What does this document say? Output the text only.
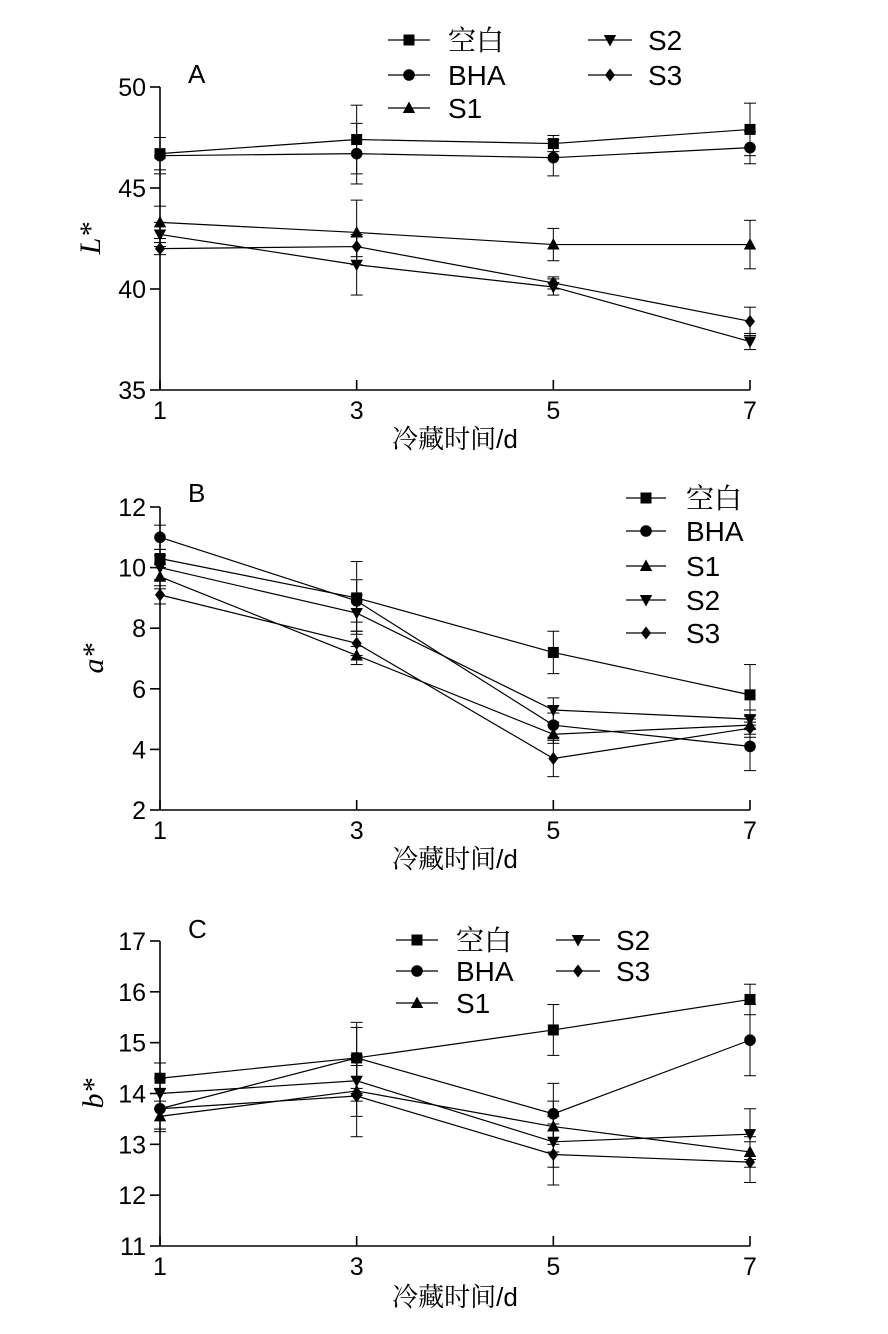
35
40
45
50
1	3	5	7
冷藏时间/d
L*
A
空白
BHA
S1
S2
S3
2
4
6
8
10
12
1	3	5	7
冷藏时间/d
a*
B	空白
BHA
S1
S2
S3
11
12
13
14
15
16
17
1	3	5	7
冷藏时间/d
b*
C	空白
BHA
S1
S2
S3
